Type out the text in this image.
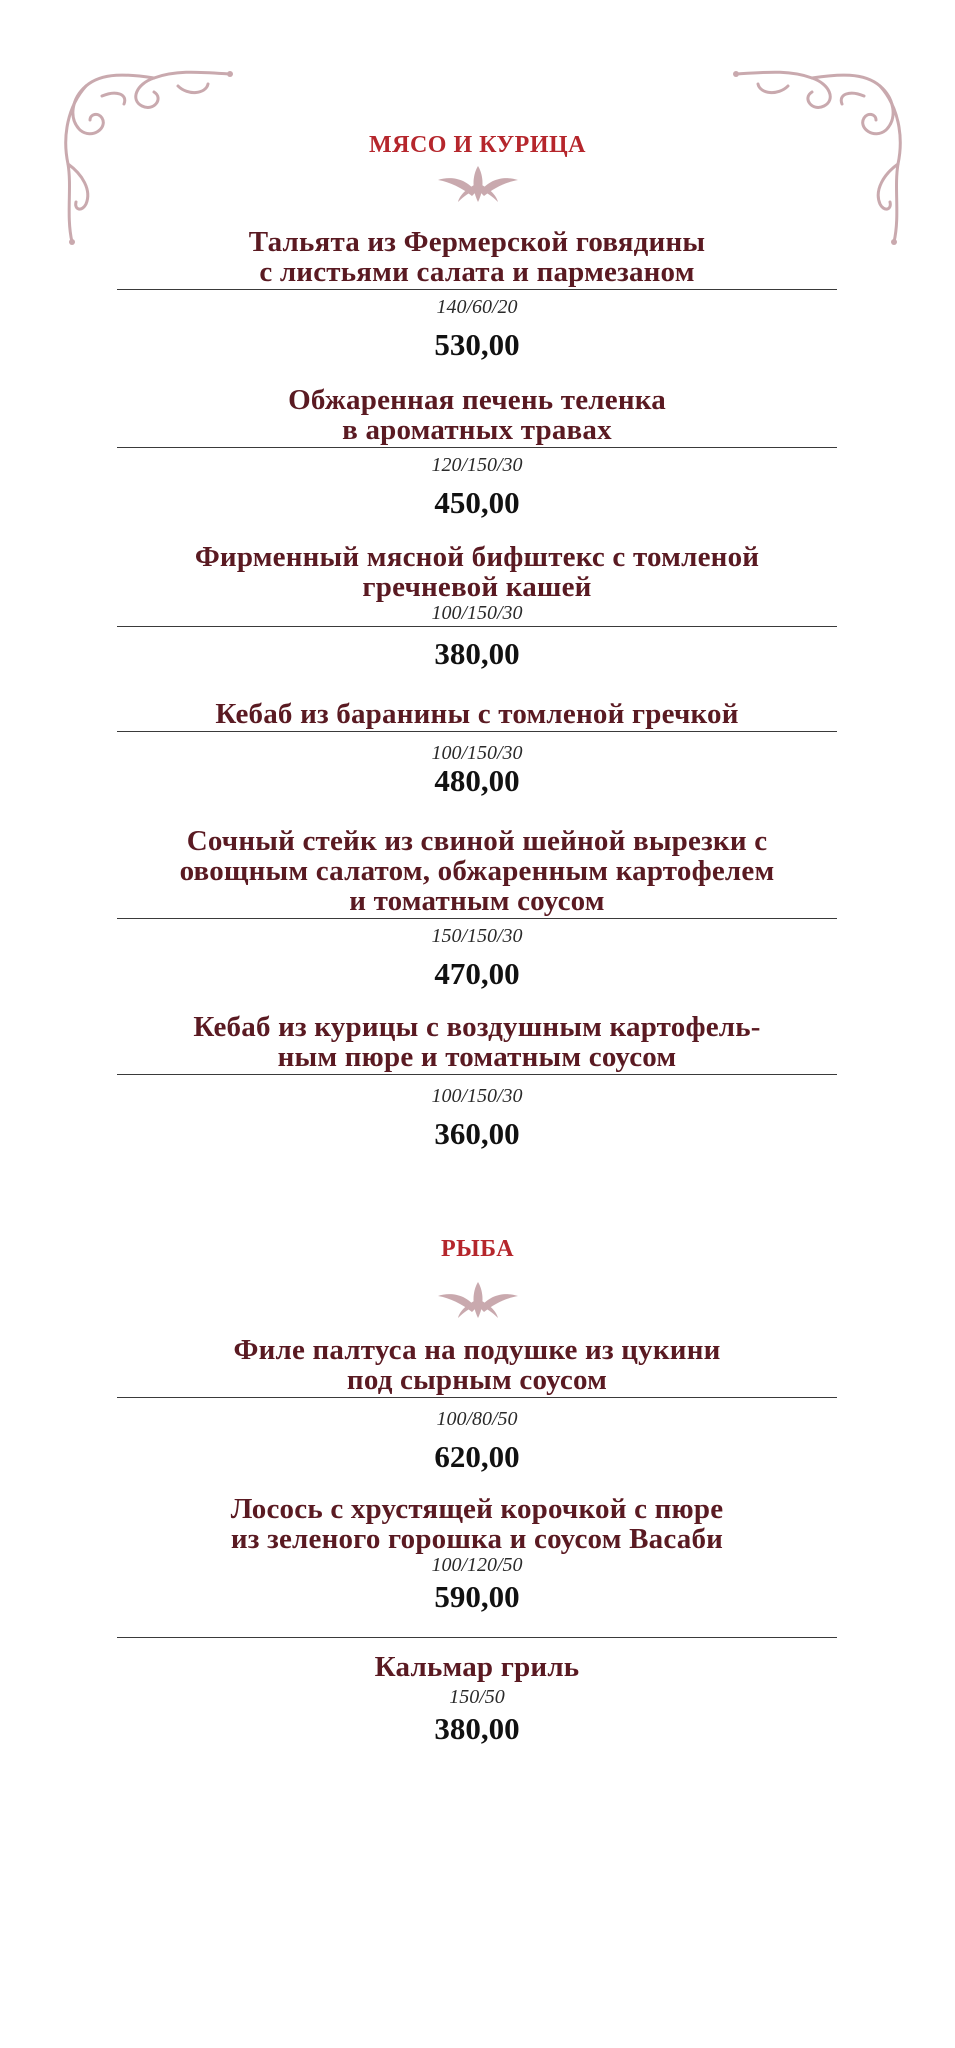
МЯСО И КУРИЦА
Тальята из Фермерской говядины
с листьями салата и пармезаном
140/60/20
530,00
Обжаренная печень теленка
в ароматных травах
120/150/30
450,00
Фирменный мясной бифштекс с томленой
гречневой кашей
100/150/30
380,00
Кебаб из баранины с томленой гречкой
100/150/30
480,00
Сочный стейк из свиной шейной вырезки с
овощным салатом, обжаренным картофелем
и томатным соусом
150/150/30
470,00
Кебаб из курицы с воздушным картофель-
ным пюре и томатным соусом
100/150/30
360,00
РЫБА
Филе палтуса на подушке из цукини
под сырным соусом
100/80/50
620,00
Лосось с хрустящей корочкой с пюре
из зеленого горошка и соусом Васаби
100/120/50
590,00
Кальмар гриль
150/50
380,00
